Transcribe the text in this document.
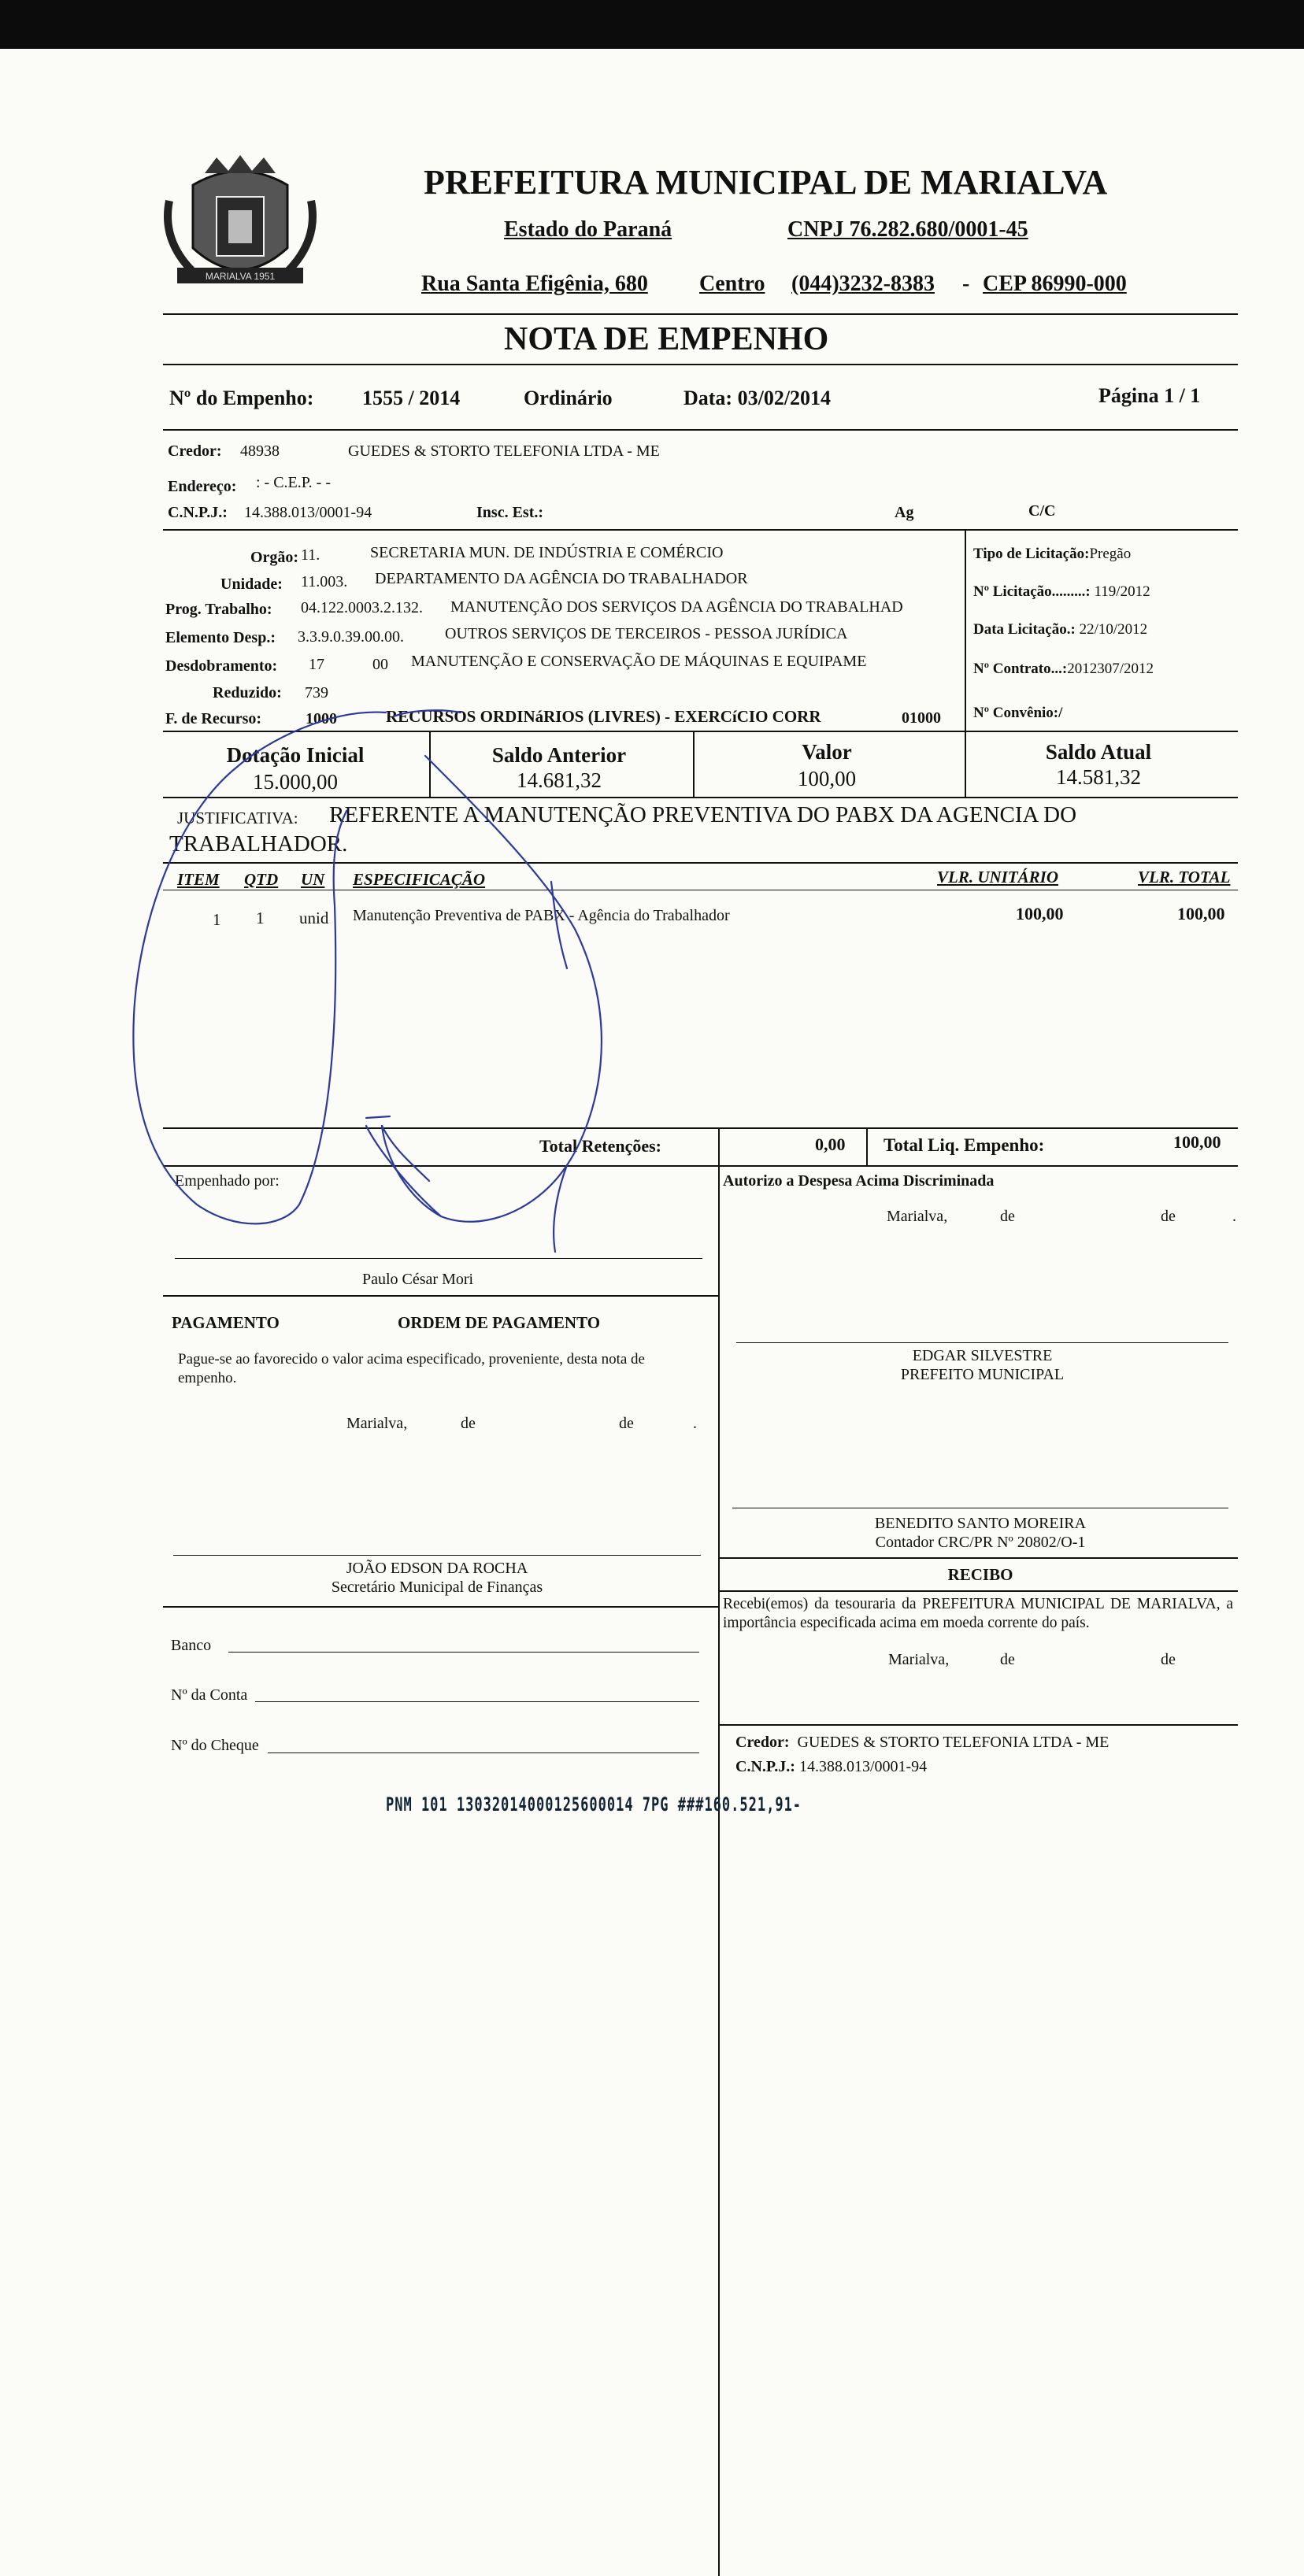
MARIALVA 1951
PREFEITURA MUNICIPAL DE MARIALVA
Estado do Paraná	CNPJ 76.282.680/0001-45
Rua Santa Efigênia, 680 Centro (044)3232-8383 - CEP 86990-000
NOTA DE EMPENHO
Nº do Empenho: 1555 / 2014	Ordinário	Data: 03/02/2014	Página 1 / 1
Credor: 48938	GUEDES & STORTO TELEFONIA LTDA - ME
Endereço: : - C.E.P. - -
C.N.P.J.: 14.388.013/0001-94	Insc. Est.:	Ag	C/C
Orgão: 11.	SECRETARIA MUN. DE INDÚSTRIA E COMÉRCIO
Unidade: 11.003. DEPARTAMENTO DA AGÊNCIA DO TRABALHADOR
Prog. Trabalho: 04.122.0003.2.132. MANUTENÇÃO DOS SERVIÇOS DA AGÊNCIA DO TRABALHAD
Elemento Desp.: 3.3.9.0.39.00.00.	OUTROS SERVIÇOS DE TERCEIROS - PESSOA JURÍDICA
Desdobramento: 17	00 MANUTENÇÃO E CONSERVAÇÃO DE MÁQUINAS E EQUIPAME
Reduzido: 739
F. de Recurso:	1000	RECURSOS ORDINáRIOS (LIVRES) - EXERCíCIO CORR	01000
Tipo de Licitação:Pregão
Nº Licitação.........: 119/2012
Data Licitação.: 22/10/2012
Nº Contrato...:2012307/2012
Nº Convênio:/
Dotação Inicial
15.000,00
Saldo Anterior
14.681,32
Valor
100,00
Saldo Atual
14.581,32
JUSTIFICATIVA: REFERENTE A MANUTENÇÃO PREVENTIVA DO PABX DA AGENCIA DO
TRABALHADOR.
ITEM QTD UN ESPECIFICAÇÃO	VLR. UNITÁRIO	VLR. TOTAL
1 1 unid Manutenção Preventiva de PABX - Agência do Trabalhador	100,00	100,00
Total Retenções:	0,00 Total Liq. Empenho:	100,00
Empenhado por:
Paulo César Mori
Autorizo a Despesa Acima Discriminada
Marialva,	de	de	.
PAGAMENTO	ORDEM DE PAGAMENTO
Pague-se ao favorecido o valor acima especificado, proveniente, desta nota de empenho.
Marialva,	de	de	.
EDGAR SILVESTRE
PREFEITO MUNICIPAL
BENEDITO SANTO MOREIRA
Contador CRC/PR Nº 20802/O-1
RECIBO
Recebi(emos) da tesouraria da PREFEITURA MUNICIPAL DE MARIALVA, a importância especificada acima em moeda corrente do país.
Marialva,	de	de
JOÃO EDSON DA ROCHA
Secretário Municipal de Finanças
Banco
Nº da Conta
Nº do Cheque	Credor: GUEDES & STORTO TELEFONIA LTDA - ME
C.N.P.J.: 14.388.013/0001-94
PNM 101 13032014000125600014 7PG ###160.521,91-
